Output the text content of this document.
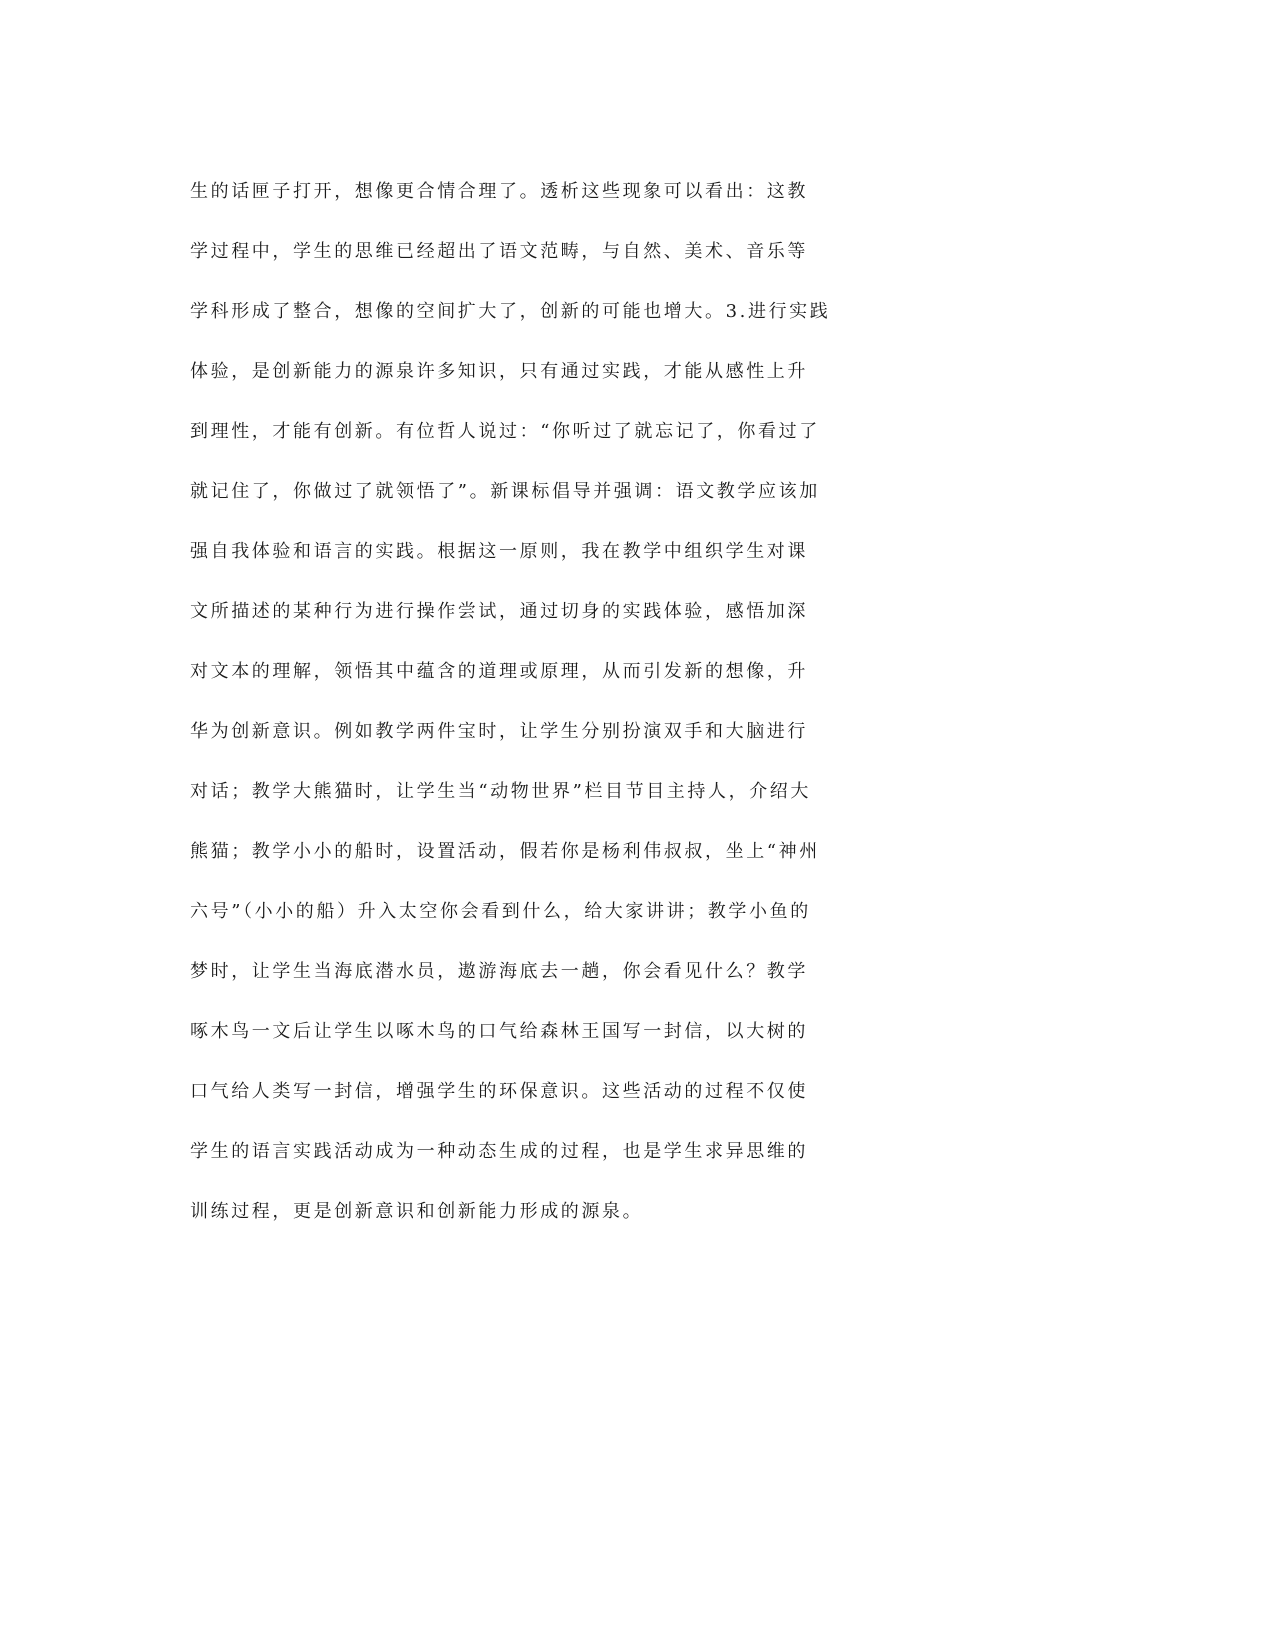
生的话匣子打开，想像更合情合理了。透析这些现象可以看出：这教
学过程中，学生的思维已经超出了语文范畴，与自然、美术、音乐等
学科形成了整合，想像的空间扩大了，创新的可能也增大。3.进行实践
体验，是创新能力的源泉许多知识，只有通过实践，才能从感性上升
到理性，才能有创新。有位哲人说过：“你听过了就忘记了，你看过了
就记住了，你做过了就领悟了”。新课标倡导并强调：语文教学应该加
强自我体验和语言的实践。根据这一原则，我在教学中组织学生对课
文所描述的某种行为进行操作尝试，通过切身的实践体验，感悟加深
对文本的理解，领悟其中蕴含的道理或原理，从而引发新的想像，升
华为创新意识。例如教学两件宝时，让学生分别扮演双手和大脑进行
对话；教学大熊猫时，让学生当“动物世界”栏目节目主持人，介绍大
熊猫；教学小小的船时，设置活动，假若你是杨利伟叔叔，坐上“神州
六号”（小小的船）升入太空你会看到什么，给大家讲讲；教学小鱼的
梦时，让学生当海底潜水员，遨游海底去一趟，你会看见什么？教学
啄木鸟一文后让学生以啄木鸟的口气给森林王国写一封信，以大树的
口气给人类写一封信，增强学生的环保意识。这些活动的过程不仅使
学生的语言实践活动成为一种动态生成的过程，也是学生求异思维的
训练过程，更是创新意识和创新能力形成的源泉。
